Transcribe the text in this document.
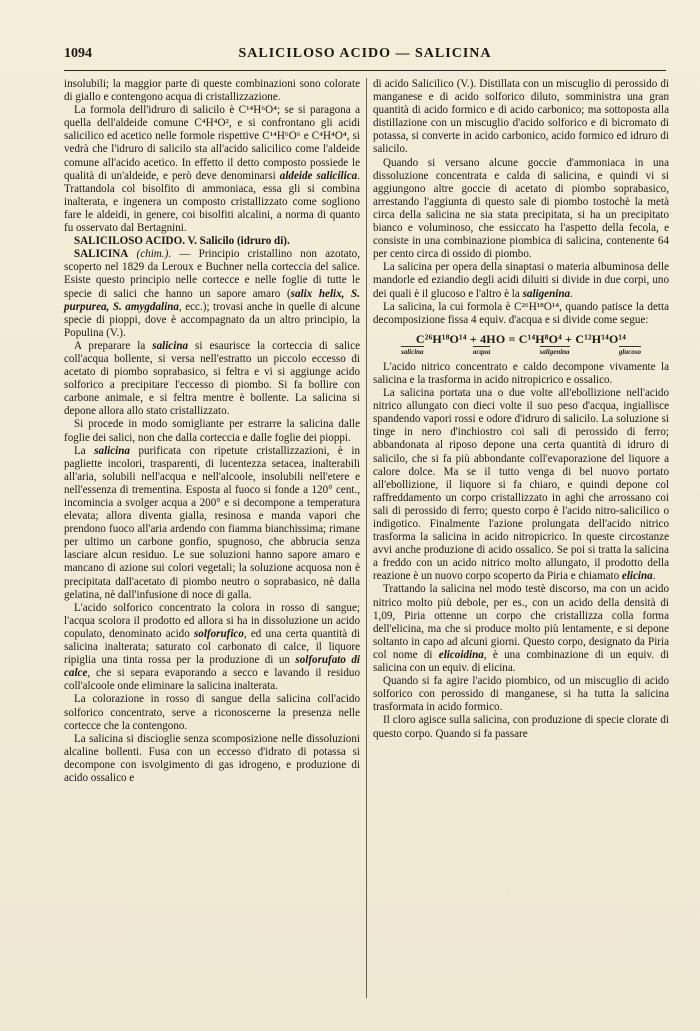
1094	SALICILOSO ACIDO — SALICINA

insolubili; la maggior parte di queste combinazioni sono colorate di giallo e contengono acqua di cristallizzazione.

La formola dell'idruro di salicilo è C¹⁴H⁶O⁴; se si paragona a quella dell'aldeide comune C⁴H⁴O², e si confrontano gli acidi salicilico ed acetico nelle formole rispettive C¹⁴H⁶O⁶ e C⁴H⁴O⁴, si vedrà che l'idruro di salicilo sta all'acido salicilico come l'aldeide comune all'acido acetico. In effetto il detto composto possiede le qualità di un'aldeide, e però deve denominarsi aldeide salicilica. Trattandola col bisolfito di ammoniaca, essa gli si combina inalterata, e ingenera un composto cristallizzato come sogliono fare le aldeidi, in genere, coi bisolfiti alcalini, a norma di quanto fu osservato dal Bertagnini.

SALICILOSO ACIDO. V. Salicilo (idruro di).

SALICINA (chim.). — Principio cristallino non azotato, scoperto nel 1829 da Leroux e Buchner nella corteccia del salice. Esiste questo principio nelle cortecce e nelle foglie di tutte le specie di salici che hanno un sapore amaro (salix helix, S. purpurea, S. amygdalina, ecc.); trovasi anche in quelle di alcune specie di pioppi, dove è accompagnato da un altro principio, la Populina (V.).

A preparare la salicina si esaurisce la corteccia di salice coll'acqua bollente, si versa nell'estratto un piccolo eccesso di acetato di piombo soprabasico, si feltra e vi si aggiunge acido solforico a precipitare l'eccesso di piombo. Si fa bollire con carbone animale, e si feltra mentre è bollente. La salicina si depone allora allo stato cristallizzato.

Si procede in modo somigliante per estrarre la salicina dalle foglie dei salici, non che dalla corteccia e dalle foglie dei pioppi.

La salicina purificata con ripetute cristallizzazioni, è in pagliette incolori, trasparenti, di lucentezza setacea, inalterabili all'aria, solubili nell'acqua e nell'alcoole, insolubili nell'etere e nell'essenza di trementina. Esposta al fuoco si fonde a 120° cent., incomincia a svolger acqua a 200° e si decompone a temperatura elevata; allora diventa gialla, resinosa e manda vapori che prendono fuoco all'aria ardendo con fiamma bianchissima; rimane per ultimo un carbone gonfio, spugnoso, che abbrucia senza lasciare alcun residuo. Le sue soluzioni hanno sapore amaro e mancano di azione sui colori vegetali; la soluzione acquosa non è precipitata dall'acetato di piombo neutro o soprabasico, nè dalla gelatina, nè dall'infusione di noce di galla.

L'acido solforico concentrato la colora in rosso di sangue; l'acqua scolora il prodotto ed allora si ha in dissoluzione un acido copulato, denominato acido solforufico, ed una certa quantità di salicina inalterata; saturato col carbonato di calce, il liquore ripiglia una tinta rossa per la produzione di un solforufato di calce, che si separa evaporando a secco e lavando il residuo coll'alcoole onde eliminare la salicina inalterata.

La colorazione in rosso di sangue della salicina coll'acido solforico concentrato, serve a riconoscerne la presenza nelle cortecce che la contengono.

La salicina si discioglie senza scomposizione nelle dissoluzioni alcaline bollenti. Fusa con un eccesso d'idrato di potassa si decompone con isvolgimento di gas idrogeno, e produzione di acido ossalico e

di acido Salicilico (V.). Distillata con un miscuglio di perossido di manganese e di acido solforico diluto, somministra una gran quantità di acido formico e di acido carbonico; ma sottoposta alla distillazione con un miscuglio d'acido solforico e di bicromato di potassa, si converte in acido carbonico, acido formico ed idruro di salicilo.

Quando si versano alcune goccie d'ammoniaca in una dissoluzione concentrata e calda di salicina, e quindi vi si aggiungono altre goccie di acetato di piombo soprabasico, arrestando l'aggiunta di questo sale di piombo tostochè la metà circa della salicina ne sia stata precipitata, si ha un precipitato bianco e voluminoso, che essiccato ha l'aspetto della fecola, e consiste in una combinazione piombica di salicina, contenente 64 per cento circa di ossido di piombo.

La salicina per opera della sinaptasi o materia albuminosa delle mandorle ed eziandio degli acidi diluiti si divide in due corpi, uno dei quali è il glucoso e l'altro è la saligenina.

La salicina, la cui formola è C²⁶H¹⁸O¹⁴, quando patisce la detta decomposizione fissa 4 equiv. d'acqua e si divide come segue:

C²⁶H¹⁸O¹⁴ + 4HO = C¹⁴H⁸O⁴ + C¹²H¹⁴O¹⁴
salicina	acqua	saligenina	glucoso

L'acido nitrico concentrato e caldo decompone vivamente la salicina e la trasforma in acido nitropicrico e ossalico.

La salicina portata una o due volte all'ebollizione nell'acido nitrico allungato con dieci volte il suo peso d'acqua, ingiallisce spandendo vapori rossi e odore d'idruro di salicilo. La soluzione si tinge in nero d'inchiostro coi sali di perossido di ferro; abbandonata al riposo depone una certa quantità di idruro di salicilo, che si fa più abbondante coll'evaporazione del liquore a calore dolce. Ma se il tutto venga di bel nuovo portato all'ebollizione, il liquore si fa chiaro, e quindi depone col raffreddamento un corpo cristallizzato in aghi che arrossano coi sali di perossido di ferro; questo corpo è l'acido nitro-salicilico o indigotico. Finalmente l'azione prolungata dell'acido nitrico trasforma la salicina in acido nitropicrico. In queste circostanze avvi anche produzione di acido ossalico. Se poi si tratta la salicina a freddo con un acido nitrico molto allungato, il prodotto della reazione è un nuovo corpo scoperto da Piria e chiamato elicina.

Trattando la salicina nel modo testè discorso, ma con un acido nitrico molto più debole, per es., con un acido della densità di 1,09, Piria ottenne un corpo che cristallizza colla forma dell'elicina, ma che si produce molto più lentamente, e si depone soltanto in capo ad alcuni giorni. Questo corpo, designato da Piria col nome di elicoidina, è una combinazione di un equiv. di salicina con un equiv. di elicina.

Quando si fa agire l'acido piombico, od un miscuglio di acido solforico con perossido di manganese, si ha tutta la salicina trasformata in acido formico.

Il cloro agisce sulla salicina, con produzione di specie clorate di questo corpo. Quando si fa passare
